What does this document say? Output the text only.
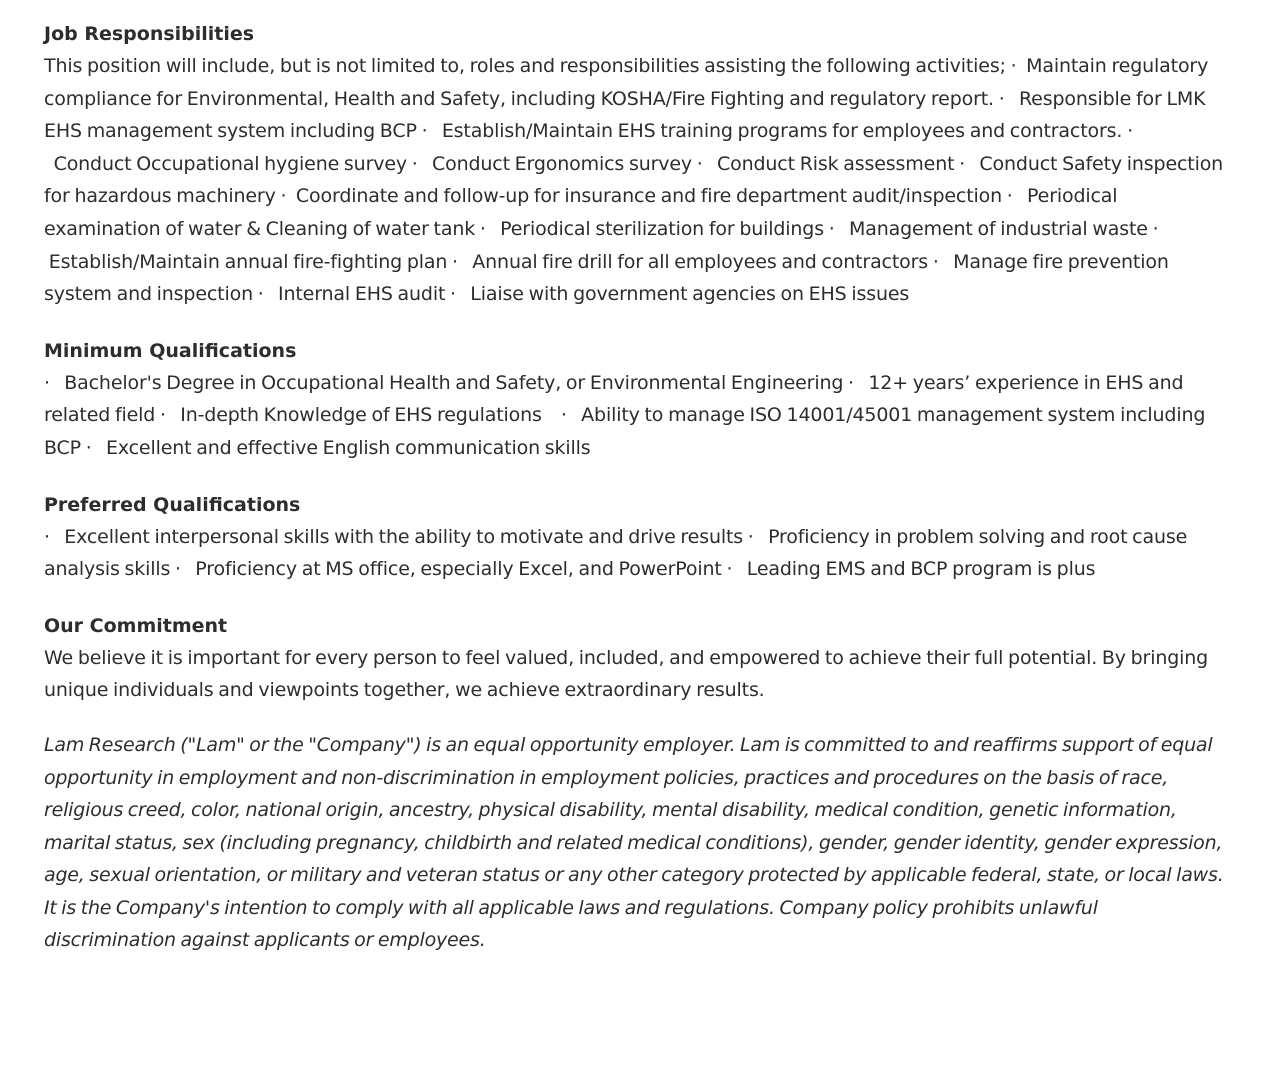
Job Responsibilities

This position will include, but is not limited to, roles and responsibilities assisting the following activities; ·  Maintain regulatory compliance for Environmental, Health and Safety, including KOSHA/Fire Fighting and regulatory report. ·   Responsible for LMK EHS management system including BCP ·   Establish/Maintain EHS training programs for employees and contractors. ·   Conduct Occupational hygiene survey ·   Conduct Ergonomics survey ·   Conduct Risk assessment ·   Conduct Safety inspection for hazardous machinery ·  Coordinate and follow-up for insurance and fire department audit/inspection ·   Periodical examination of water & Cleaning of water tank ·   Periodical sterilization for buildings ·   Management of industrial waste ·  Establish/Maintain annual fire-fighting plan ·   Annual fire drill for all employees and contractors ·   Manage fire prevention system and inspection ·   Internal EHS audit ·   Liaise with government agencies on EHS issues

Minimum Qualifications

·   Bachelor's Degree in Occupational Health and Safety, or Environmental Engineering ·   12+ years’ experience in EHS and related field ·   In-depth Knowledge of EHS regulations    ·   Ability to manage ISO 14001/45001 management system including BCP ·   Excellent and effective English communication skills

Preferred Qualifications

·   Excellent interpersonal skills with the ability to motivate and drive results ·   Proficiency in problem solving and root cause analysis skills ·   Proficiency at MS office, especially Excel, and PowerPoint ·   Leading EMS and BCP program is plus

Our Commitment

We believe it is important for every person to feel valued, included, and empowered to achieve their full potential. By bringing unique individuals and viewpoints together, we achieve extraordinary results.

Lam Research ("Lam" or the "Company") is an equal opportunity employer. Lam is committed to and reaffirms support of equal opportunity in employment and non-discrimination in employment policies, practices and procedures on the basis of race, religious creed, color, national origin, ancestry, physical disability, mental disability, medical condition, genetic information, marital status, sex (including pregnancy, childbirth and related medical conditions), gender, gender identity, gender expression, age, sexual orientation, or military and veteran status or any other category protected by applicable federal, state, or local laws. It is the Company's intention to comply with all applicable laws and regulations. Company policy prohibits unlawful discrimination against applicants or employees.
